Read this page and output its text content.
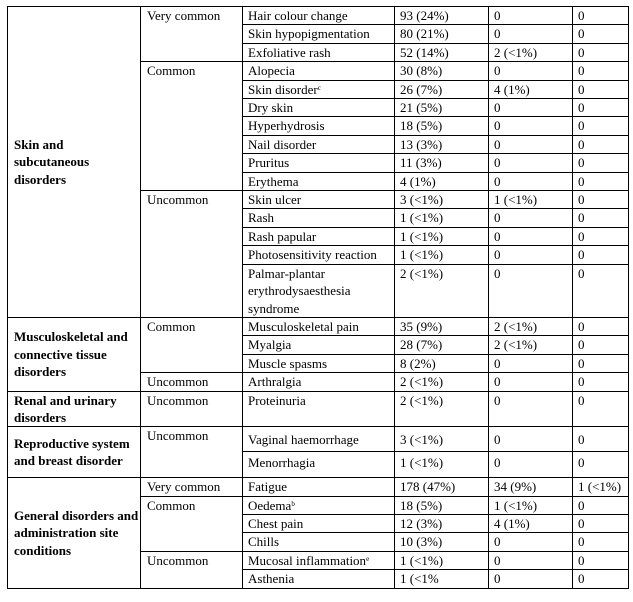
Skin and subcutaneous disorders	Very common	Hair colour change	93 (24%)	0	0
		Skin hypopigmentation	80 (21%)	0	0
		Exfoliative rash	52 (14%)	2 (<1%)	0
	Common	Alopecia	30 (8%)	0	0
		Skin disorder$^c$	26 (7%)	4 (1%)	0
		Dry skin	21 (5%)	0	0
		Hyperhydrosis	18 (5%)	0	0
		Nail disorder	13 (3%)	0	0
		Pruritus	11 (3%)	0	0
		Erythema	4 (1%)	0	0
	Uncommon	Skin ulcer	3 (<1%)	1 (<1%)	0
		Rash	1 (<1%)	0	0
		Rash papular	1 (<1%)	0	0
		Photosensitivity reaction	1 (<1%)	0	0
		Palmar-plantar erythrodysaesthesia syndrome	2 (<1%)	0	0
Musculoskeletal and connective tissue disorders	Common	Musculoskeletal pain	35 (9%)	2 (<1%)	0
		Myalgia	28 (7%)	2 (<1%)	0
		Muscle spasms	8 (2%)	0	0
	Uncommon	Arthralgia	2 (<1%)	0	0
Renal and urinary disorders	Uncommon	Proteinuria	2 (<1%)	0	0
Reproductive system and breast disorder	Uncommon	Vaginal haemorrhage	3 (<1%)	0	0
		Menorrhagia	1 (<1%)	0	0
General disorders and administration site conditions	Very common	Fatigue	178 (47%)	34 (9%)	1 (<1%)
	Common	Oedema$^b$	18 (5%)	1 (<1%)	0
		Chest pain	12 (3%)	4 (1%)	0
		Chills	10 (3%)	0	0
	Uncommon	Mucosal inflammation$^e$	1 (<1%)	0	0
		Asthenia	1 (<1%	0	0
